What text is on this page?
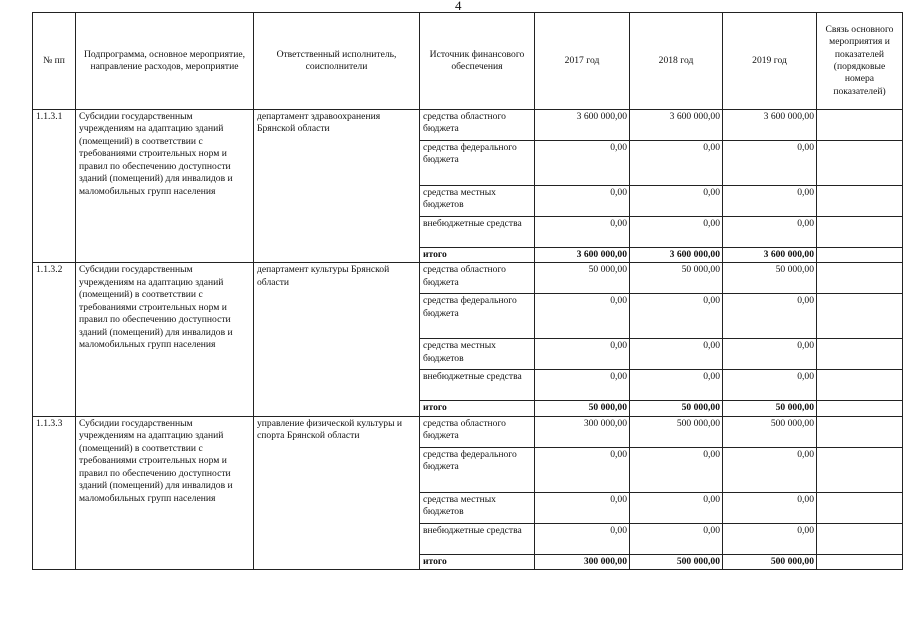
4
№ пп	Подпрограмма, основное мероприятие, направление расходов, мероприятие	Ответственный исполнитель, соисполнители	Источник финансового обеспечения	2017 год	2018 год	2019 год	Связь основного мероприятия и показателей (порядковые номера показателей)
1.1.3.1	Субсидии государственным учреждениям на адаптацию зданий (помещений) в соответствии с требованиями строительных норм и правил по обеспечению доступности зданий (помещений) для инвалидов и маломобильных групп населения	департамент здравоохранения Брянской области	средства областного бюджета	3 600 000,00	3 600 000,00	3 600 000,00	
			средства федерального бюджета	0,00	0,00	0,00	
			средства местных бюджетов	0,00	0,00	0,00	
			внебюджетные средства	0,00	0,00	0,00	
			итого	3 600 000,00	3 600 000,00	3 600 000,00	
1.1.3.2	Субсидии государственным учреждениям на адаптацию зданий (помещений) в соответствии с требованиями строительных норм и правил по обеспечению доступности зданий (помещений) для инвалидов и маломобильных групп населения	департамент культуры Брянской области	средства областного бюджета	50 000,00	50 000,00	50 000,00	
			средства федерального бюджета	0,00	0,00	0,00	
			средства местных бюджетов	0,00	0,00	0,00	
			внебюджетные средства	0,00	0,00	0,00	
			итого	50 000,00	50 000,00	50 000,00	
1.1.3.3	Субсидии государственным учреждениям на адаптацию зданий (помещений) в соответствии с требованиями строительных норм и правил по обеспечению доступности зданий (помещений) для инвалидов и маломобильных групп населения	управление физической культуры и спорта Брянской области	средства областного бюджета	300 000,00	500 000,00	500 000,00	
			средства федерального бюджета	0,00	0,00	0,00	
			средства местных бюджетов	0,00	0,00	0,00	
			внебюджетные средства	0,00	0,00	0,00	
			итого	300 000,00	500 000,00	500 000,00	
